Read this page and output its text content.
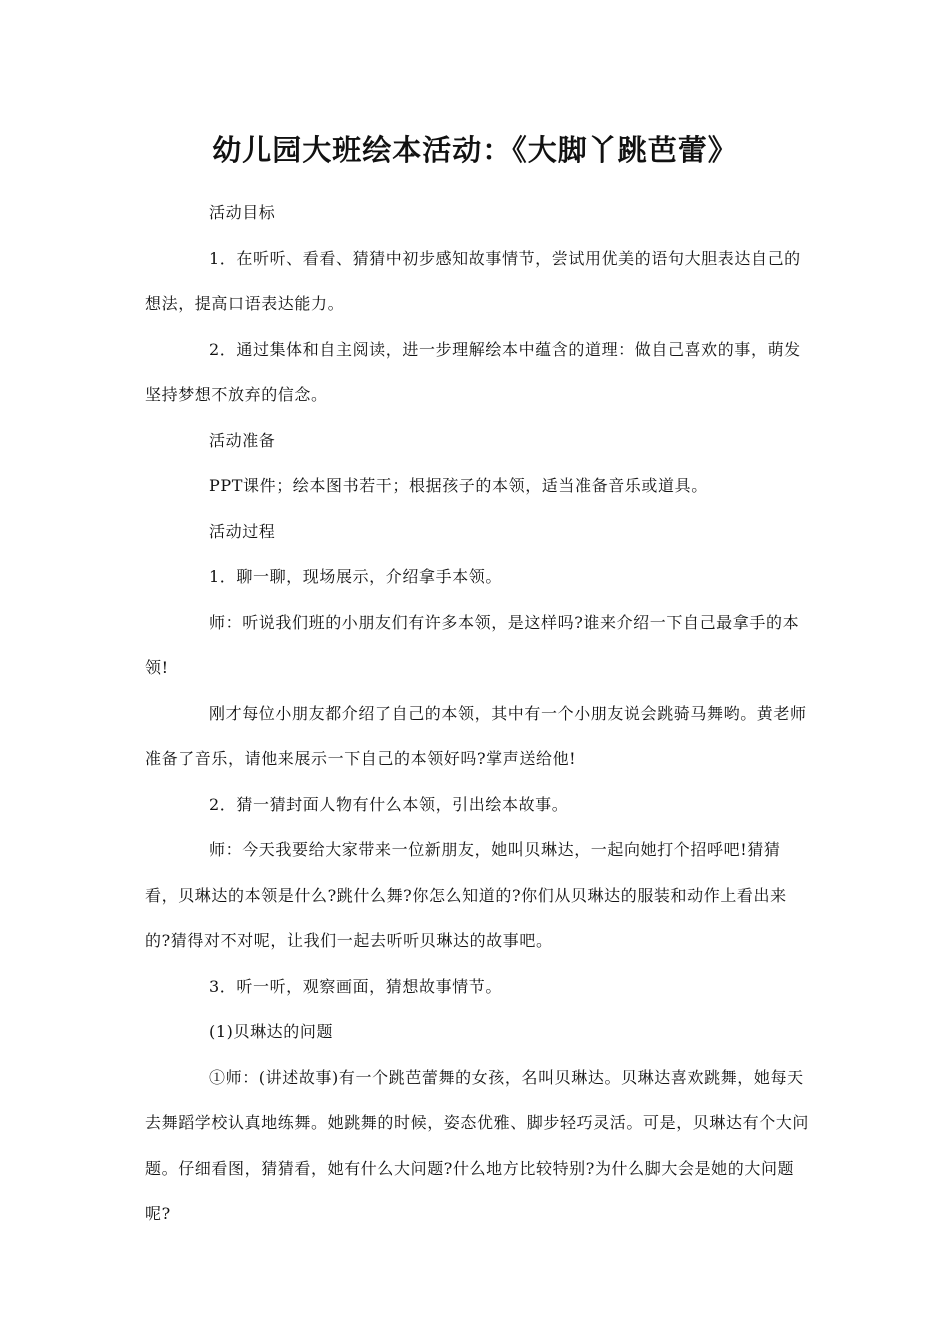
幼儿园大班绘本活动：《大脚丫跳芭蕾》

活动目标

1．在听听、看看、猜猜中初步感知故事情节，尝试用优美的语句大胆表达自己的想法，提高口语表达能力。

2．通过集体和自主阅读，进一步理解绘本中蕴含的道理：做自己喜欢的事，萌发坚持梦想不放弃的信念。

活动准备

PPT课件；绘本图书若干；根据孩子的本领，适当准备音乐或道具。

活动过程

1．聊一聊，现场展示，介绍拿手本领。

师：听说我们班的小朋友们有许多本领，是这样吗?谁来介绍一下自己最拿手的本领!

刚才每位小朋友都介绍了自己的本领，其中有一个小朋友说会跳骑马舞哟。黄老师准备了音乐，请他来展示一下自己的本领好吗?掌声送给他!

2．猜一猜封面人物有什么本领，引出绘本故事。

师：今天我要给大家带来一位新朋友，她叫贝琳达，一起向她打个招呼吧!猜猜看，贝琳达的本领是什么?跳什么舞?你怎么知道的?你们从贝琳达的服装和动作上看出来的?猜得对不对呢，让我们一起去听听贝琳达的故事吧。

3．听一听，观察画面，猜想故事情节。

(1)贝琳达的问题

①师：(讲述故事)有一个跳芭蕾舞的女孩，名叫贝琳达。贝琳达喜欢跳舞，她每天去舞蹈学校认真地练舞。她跳舞的时候，姿态优雅、脚步轻巧灵活。可是，贝琳达有个大问题。仔细看图，猜猜看，她有什么大问题?什么地方比较特别?为什么脚大会是她的大问题呢?
